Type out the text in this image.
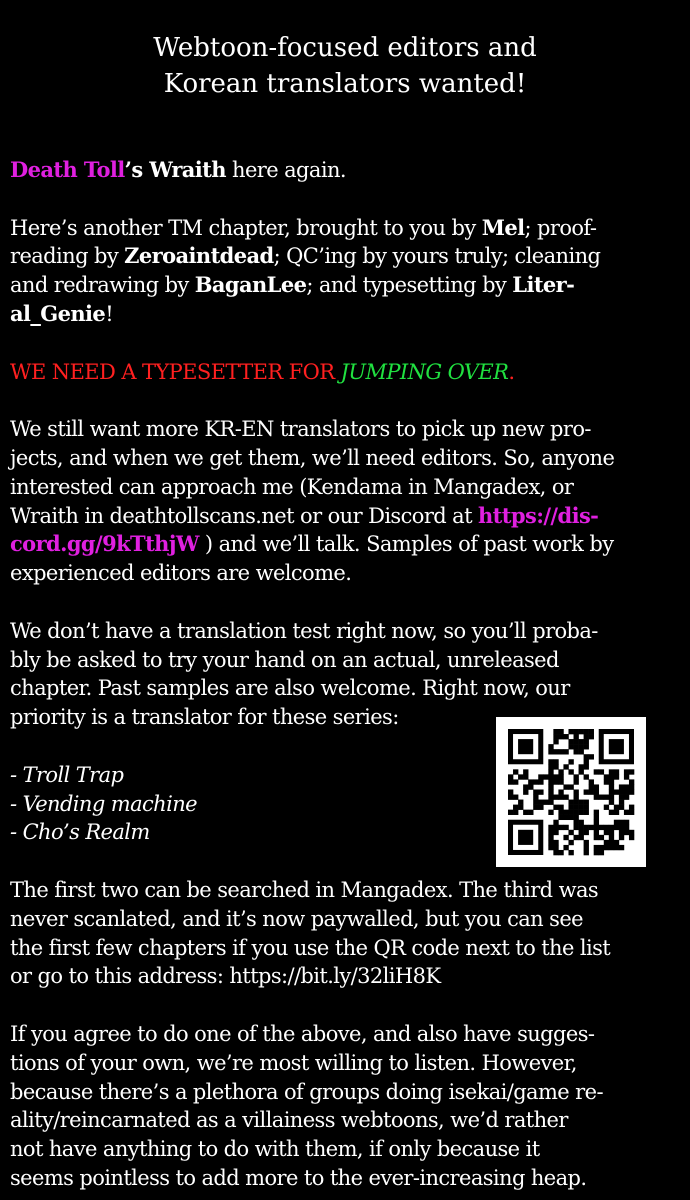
Webtoon-focused editors and
Korean translators wanted!

Death Toll’s Wraith here again.

Here’s another TM chapter, brought to you by Mel; proof-
reading by Zeroaintdead; QC’ing by yours truly; cleaning
and redrawing by BaganLee; and typesetting by Liter-
al_Genie!

WE NEED A TYPESETTER FOR JUMPING OVER.

We still want more KR-EN translators to pick up new pro-
jects, and when we get them, we’ll need editors. So, anyone
interested can approach me (Kendama in Mangadex, or
Wraith in deathtollscans.net or our Discord at https://dis-
cord.gg/9kTthjW ) and we’ll talk. Samples of past work by
experienced editors are welcome.

We don’t have a translation test right now, so you’ll proba-
bly be asked to try your hand on an actual, unreleased
chapter. Past samples are also welcome. Right now, our
priority is a translator for these series:

- Troll Trap
- Vending machine
- Cho’s Realm

The first two can be searched in Mangadex. The third was
never scanlated, and it’s now paywalled, but you can see
the first few chapters if you use the QR code next to the list
or go to this address: https://bit.ly/32liH8K

If you agree to do one of the above, and also have sugges-
tions of your own, we’re most willing to listen. However,
because there’s a plethora of groups doing isekai/game re-
ality/reincarnated as a villainess webtoons, we’d rather
not have anything to do with them, if only because it
seems pointless to add more to the ever-increasing heap.
